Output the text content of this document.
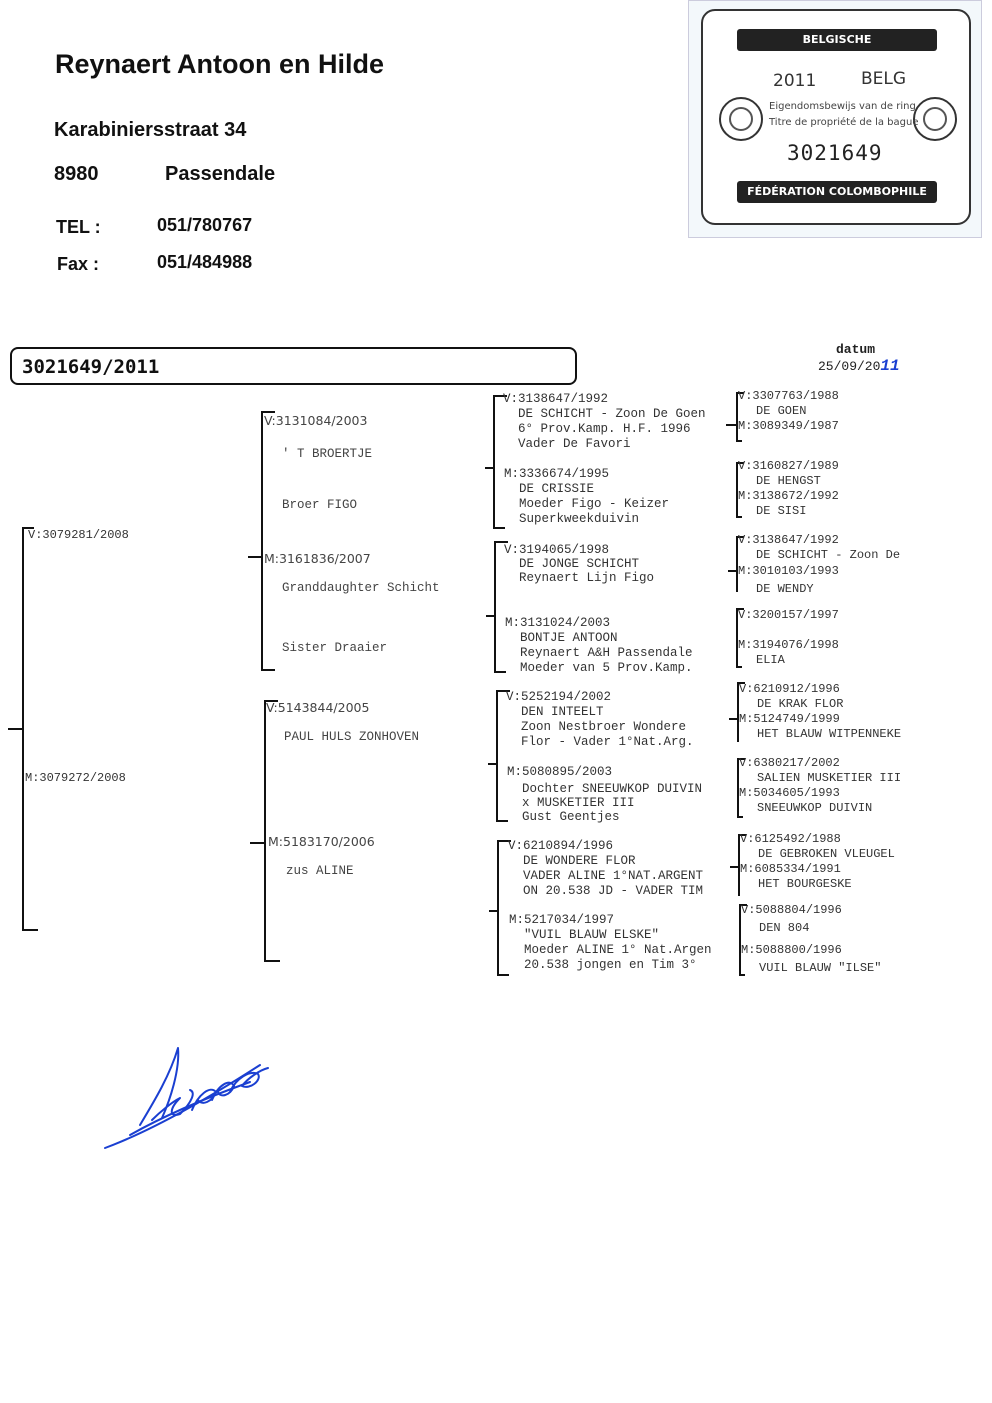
Reynaert Antoon en Hilde
Karabiniersstraat 34
8980	Passendale
TEL :	051/780767
Fax :	051/484988
BELGISCHE DUIVENLIEFHEBBERSBOND
2011	BELG
Eigendomsbewijs van de ring
Titre de propriété de la bague
3021649
FÉDÉRATION COLOMBOPHILE BELGE
3021649/2011
datum
25/09/2011
V:3079281/2008
M:3079272/2008
V:3131084/2003

' T BROERTJE

Broer FIGO

M:3161836/2007

Granddaughter Schicht

Sister Draaier

V:5143844/2005

PAUL HULS ZONHOVEN

M:5183170/2006

zus ALINE

V:3138647/1992

DE SCHICHT - Zoon De Goen
6° Prov.Kamp. H.F. 1996
Vader De Favori
M:3336674/1995

DE CRISSIE
Moeder Figo - Keizer
Superkweekduivin
V:3194065/1998

DE JONGE SCHICHT
Reynaert Lijn Figo
M:3131024/2003

BONTJE ANTOON
Reynaert A&H Passendale
Moeder van 5 Prov.Kamp.
V:5252194/2002

DEN INTEELT
Zoon Nestbroer Wondere
Flor - Vader 1°Nat.Arg.
M:5080895/2003

Dochter SNEEUWKOP DUIVIN
x MUSKETIER III
Gust Geentjes
V:6210894/1996

DE WONDERE FLOR
VADER ALINE 1°NAT.ARGENT
ON 20.538 JD - VADER TIM
M:5217034/1997

"VUIL BLAUW ELSKE"
Moeder ALINE 1° Nat.Argen
20.538 jongen en Tim 3°
V:3307763/1988
DE GOEN
M:3089349/1987
V:3160827/1989
DE HENGST
M:3138672/1992
DE SISI
V:3138647/1992
DE SCHICHT - Zoon De
M:3010103/1993
DE WENDY
V:3200157/1997
M:3194076/1998
ELIA
V:6210912/1996
DE KRAK FLOR
M:5124749/1999
HET BLAUW WITPENNEKE
V:6380217/2002
SALIEN MUSKETIER III
M:5034605/1993
SNEEUWKOP DUIVIN
V:6125492/1988
DE GEBROKEN VLEUGEL
M:6085334/1991
HET BOURGESKE
V:5088804/1996
DEN 804
M:5088800/1996
VUIL BLAUW "ILSE"
